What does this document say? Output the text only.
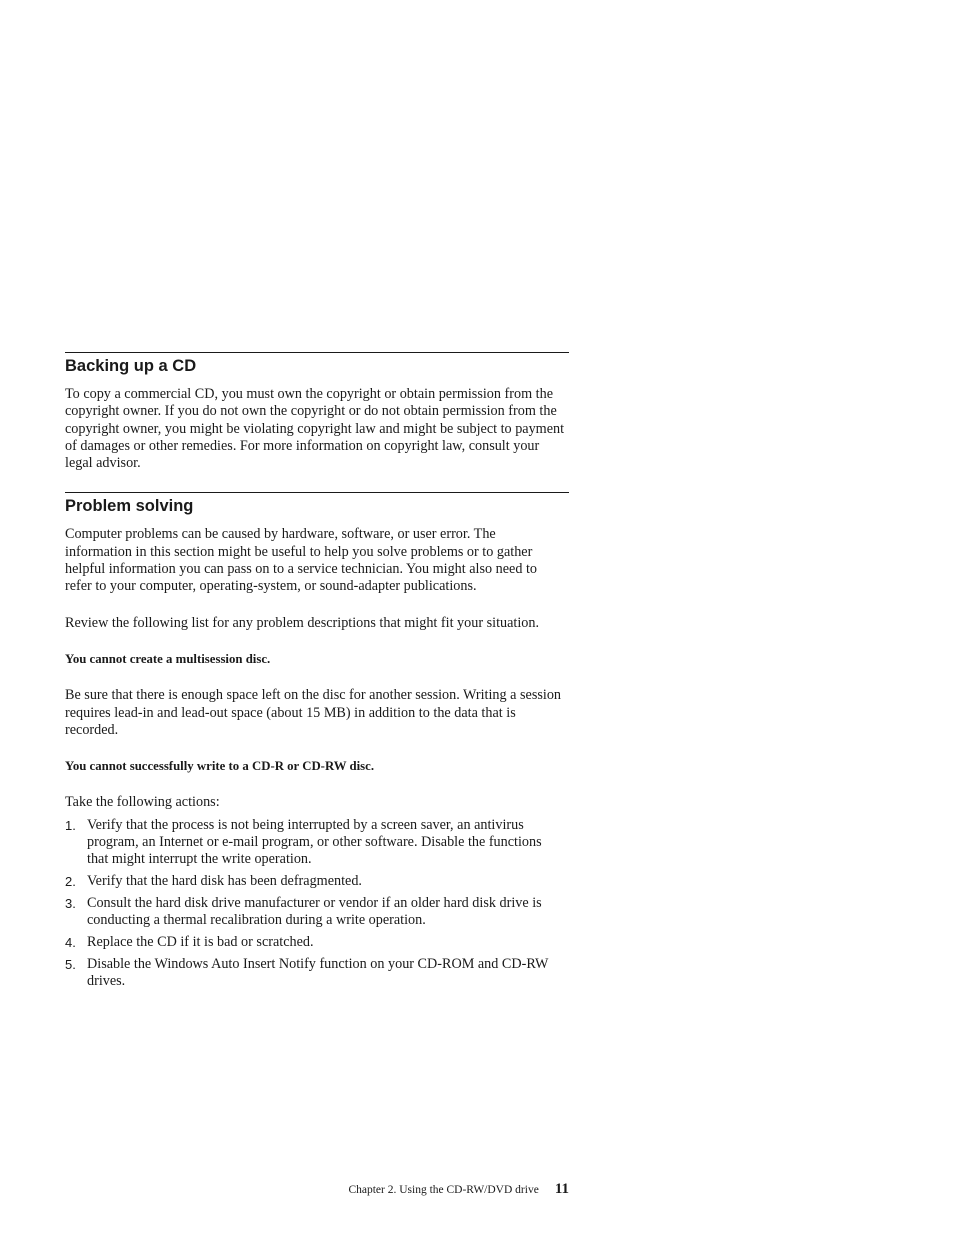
Backing up a CD

To copy a commercial CD, you must own the copyright or obtain permission from the copyright owner. If you do not own the copyright or do not obtain permission from the copyright owner, you might be violating copyright law and might be subject to payment of damages or other remedies. For more information on copyright law, consult your legal advisor.

Problem solving

Computer problems can be caused by hardware, software, or user error. The information in this section might be useful to help you solve problems or to gather helpful information you can pass on to a service technician. You might also need to refer to your computer, operating-system, or sound-adapter publications.

Review the following list for any problem descriptions that might fit your situation.

You cannot create a multisession disc.

Be sure that there is enough space left on the disc for another session. Writing a session requires lead-in and lead-out space (about 15 MB) in addition to the data that is recorded.

You cannot successfully write to a CD-R or CD-RW disc.

Take the following actions:

1. Verify that the process is not being interrupted by a screen saver, an antivirus program, an Internet or e-mail program, or other software. Disable the functions that might interrupt the write operation.
2. Verify that the hard disk has been defragmented.
3. Consult the hard disk drive manufacturer or vendor if an older hard disk drive is conducting a thermal recalibration during a write operation.
4. Replace the CD if it is bad or scratched.
5. Disable the Windows Auto Insert Notify function on your CD-ROM and CD-RW drives.
Chapter 2. Using the CD-RW/DVD drive 11
